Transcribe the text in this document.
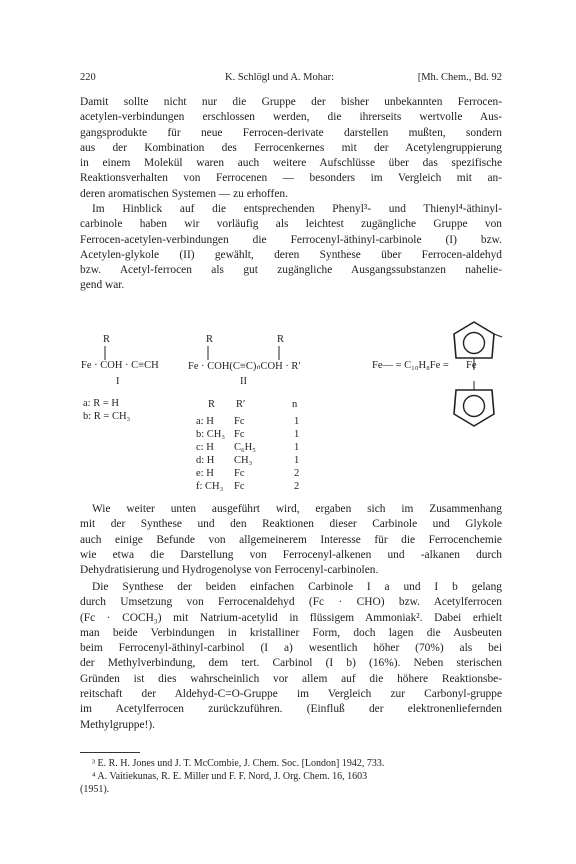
220	K. Schlögl und A. Mohar:	[Mh. Chem., Bd. 92

Damit sollte nicht nur die Gruppe der bisher unbekannten Ferrocen-
acetylen-verbindungen erschlossen werden, die ihrerseits wertvolle Aus-
gangsprodukte für neue Ferrocen-derivate darstellen mußten, sondern
aus der Kombination des Ferrocenkernes mit der Acetylengruppierung
in einem Molekül waren auch weitere Aufschlüsse über das spezifische
Reaktionsverhalten von Ferrocenen — besonders im Vergleich mit an-
deren aromatischen Systemen — zu erhoffen.

Im Hinblick auf die entsprechenden Phenyl³- und Thienyl⁴-äthinyl-
carbinole haben wir vorläufig als leichtest zugängliche Gruppe von
Ferrocen-acetylen-verbindungen die Ferrocenyl-äthinyl-carbinole (I) bzw.
Acetylen-glykole (II) gewählt, deren Synthese über Ferrocen-aldehyd
bzw. Acetyl-ferrocen als gut zugängliche Ausgangssubstanzen nahelie-
gend war.

R
Fe · COH · C≡CH
I
a: R = H
b: R = CH₃
R	R
Fe · COH(C≡C)ₙCOH · R′
II
R R′	n
a: H Fc	1
b: CH₃ Fc	1
c: H C₆H₅	1
d: H CH₃	1
e: H Fc	2
f: CH₃ Fc	2
Fe— = C₁₀H₈Fe = Fe

Wie weiter unten ausgeführt wird, ergaben sich im Zusammenhang
mit der Synthese und den Reaktionen dieser Carbinole und Glykole
auch einige Befunde von allgemeinerem Interesse für die Ferrocenchemie
wie etwa die Darstellung von Ferrocenyl-alkenen und -alkanen durch
Dehydratisierung und Hydrogenolyse von Ferrocenyl-carbinolen.

Die Synthese der beiden einfachen Carbinole I a und I b gelang
durch Umsetzung von Ferrocenaldehyd (Fc · CHO) bzw. Acetylferrocen
(Fc · COCH₃) mit Natrium-acetylid in flüssigem Ammoniak². Dabei erhielt
man beide Verbindungen in kristalliner Form, doch lagen die Ausbeuten
beim Ferrocenyl-äthinyl-carbinol (I a) wesentlich höher (70%) als bei
der Methylverbindung, dem tert. Carbinol (I b) (16%). Neben sterischen
Gründen ist dies wahrscheinlich vor allem auf die höhere Reaktionsbe-
reitschaft der Aldehyd-C=O-Gruppe im Vergleich zur Carbonyl-gruppe
im Acetylferrocen zurückzuführen. (Einfluß der elektronenliefernden
Methylgruppe!).

³ E. R. H. Jones und J. T. McCombie, J. Chem. Soc. [London] 1942, 733.
⁴ A. Vaitiekunas, R. E. Miller und F. F. Nord, J. Org. Chem. 16, 1603
(1951).
